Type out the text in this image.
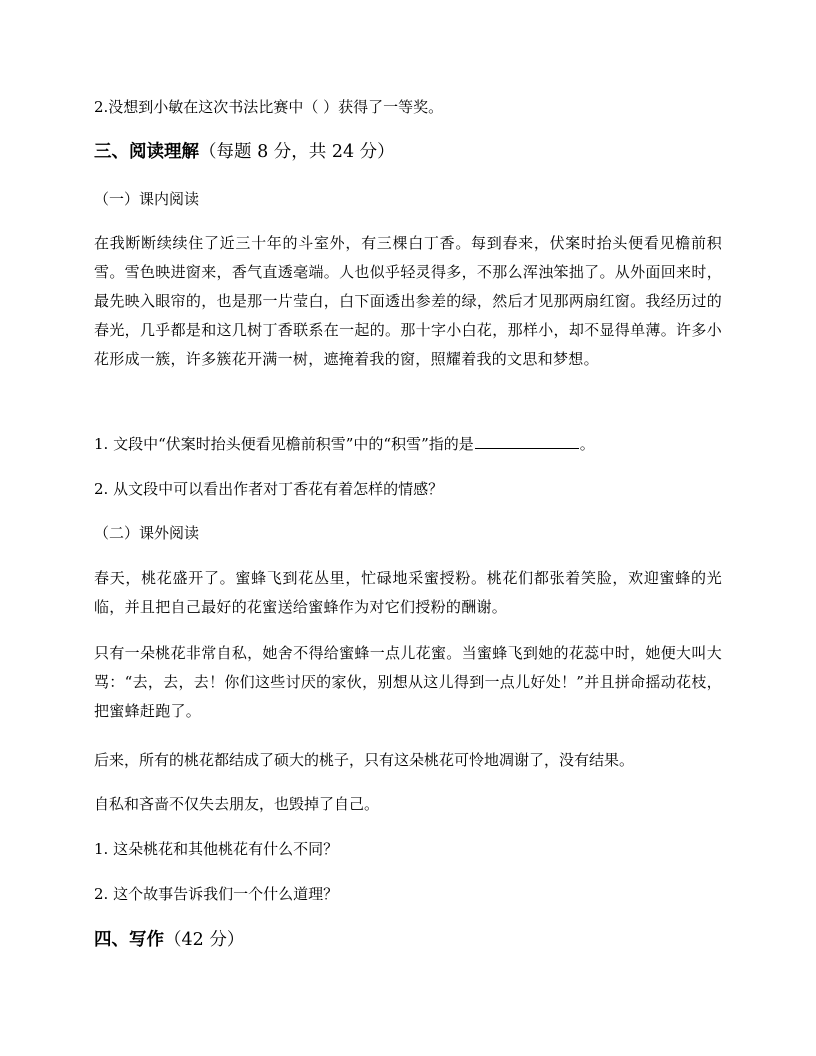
2.没想到小敏在这次书法比赛中（ ）获得了一等奖。
三、阅读理解（每题 8 分，共 24 分）
（一）课内阅读
在我断断续续住了近三十年的斗室外，有三棵白丁香。每到春来，伏案时抬头便看见檐前积雪。雪色映进窗来，香气直透毫端。人也似乎轻灵得多，不那么浑浊笨拙了。从外面回来时，最先映入眼帘的，也是那一片莹白，白下面透出参差的绿，然后才见那两扇红窗。我经历过的春光，几乎都是和这几树丁香联系在一起的。那十字小白花，那样小，却不显得单薄。许多小花形成一簇，许多簇花开满一树，遮掩着我的窗，照耀着我的文思和梦想。
1. 文段中“伏案时抬头便看见檐前积雪”中的“积雪”指的是	。
2. 从文段中可以看出作者对丁香花有着怎样的情感？
（二）课外阅读
春天，桃花盛开了。蜜蜂飞到花丛里，忙碌地采蜜授粉。桃花们都张着笑脸，欢迎蜜蜂的光临，并且把自己最好的花蜜送给蜜蜂作为对它们授粉的酬谢。
只有一朵桃花非常自私，她舍不得给蜜蜂一点儿花蜜。当蜜蜂飞到她的花蕊中时，她便大叫大骂：“去，去，去！你们这些讨厌的家伙，别想从这儿得到一点儿好处！”并且拼命摇动花枝，把蜜蜂赶跑了。
后来，所有的桃花都结成了硕大的桃子，只有这朵桃花可怜地凋谢了，没有结果。
自私和吝啬不仅失去朋友，也毁掉了自己。
1. 这朵桃花和其他桃花有什么不同？
2. 这个故事告诉我们一个什么道理？
四、写作（42 分）
